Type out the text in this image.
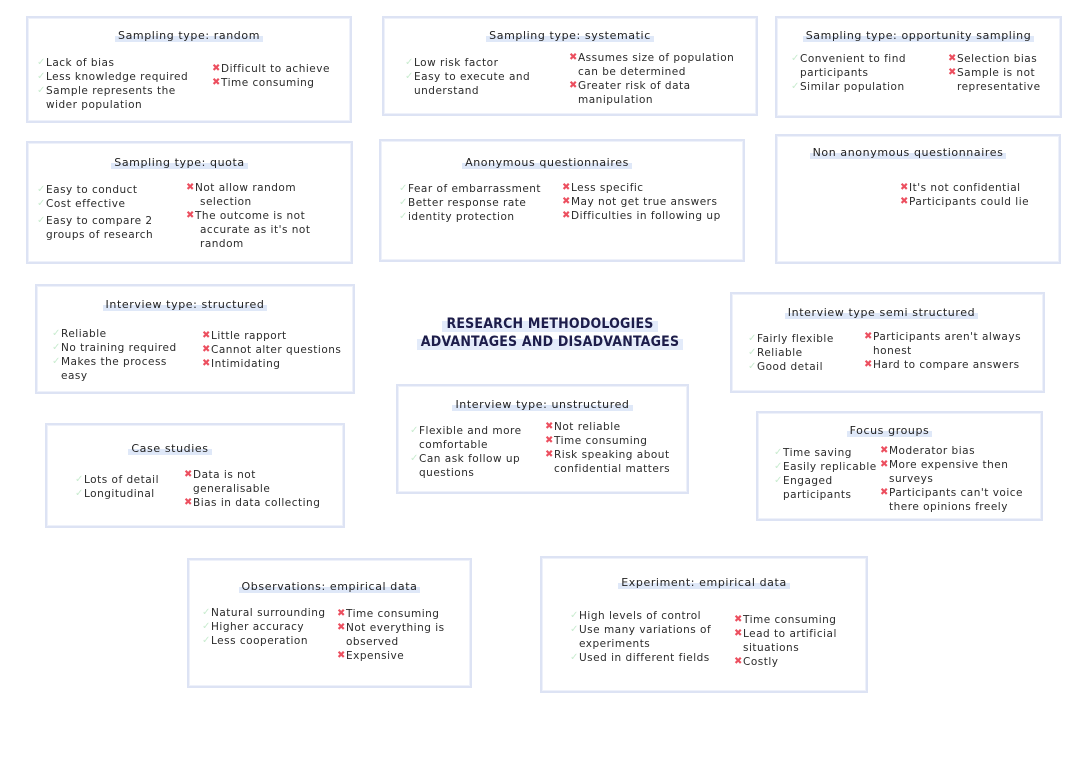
RESEARCH METHODOLOGIES
ADVANTAGES AND DISADVANTAGES
Sampling type: random
✓ Lack of bias
✓ Less knowledge required
✓ Sample represents the
wider population
✖ Difficult to achieve
✖ Time consuming
Sampling type: systematic
✓ Low risk factor
✓ Easy to execute and
understand
✖ Assumes size of population
can be determined
✖ Greater risk of data
manipulation
Sampling type: opportunity sampling
✓ Convenient to find
participants
✓ Similar population
✖ Selection bias
✖ Sample is not
representative
Sampling type: quota
✓ Easy to conduct
✓ Cost effective
✓ Easy to compare 2
groups of research
✖ Not allow random
selection
✖ The outcome is not
accurate as it's not
random
Anonymous questionnaires
✓ Fear of embarrassment
✓ Better response rate
✓ identity protection
✖ Less specific
✖ May not get true answers
✖ Difficulties in following up
Non anonymous questionnaires
✖ It's not confidential
✖ Participants could lie
Interview type: structured
✓ Reliable
✓ No training required
✓ Makes the process
easy
✖ Little rapport
✖ Cannot alter questions
✖ Intimidating
Interview type semi structured
✓ Fairly flexible
✓ Reliable
✓ Good detail
✖ Participants aren't always
honest
✖ Hard to compare answers
Interview type: unstructured
✓ Flexible and more
comfortable
✓ Can ask follow up
questions
✖ Not reliable
✖ Time consuming
✖ Risk speaking about
confidential matters
Case studies
✓ Lots of detail
✓ Longitudinal
✖ Data is not
generalisable
✖ Bias in data collecting
Focus groups
✓ Time saving
✓ Easily replicable
✓ Engaged
participants
✖ Moderator bias
✖ More expensive then
surveys
✖ Participants can't voice
there opinions freely
Observations: empirical data
✓ Natural surrounding
✓ Higher accuracy
✓ Less cooperation
✖ Time consuming
✖ Not everything is
observed
✖ Expensive
Experiment: empirical data
✓ High levels of control
✓ Use many variations of
experiments
✓ Used in different fields
✖ Time consuming
✖ Lead to artificial
situations
✖ Costly
